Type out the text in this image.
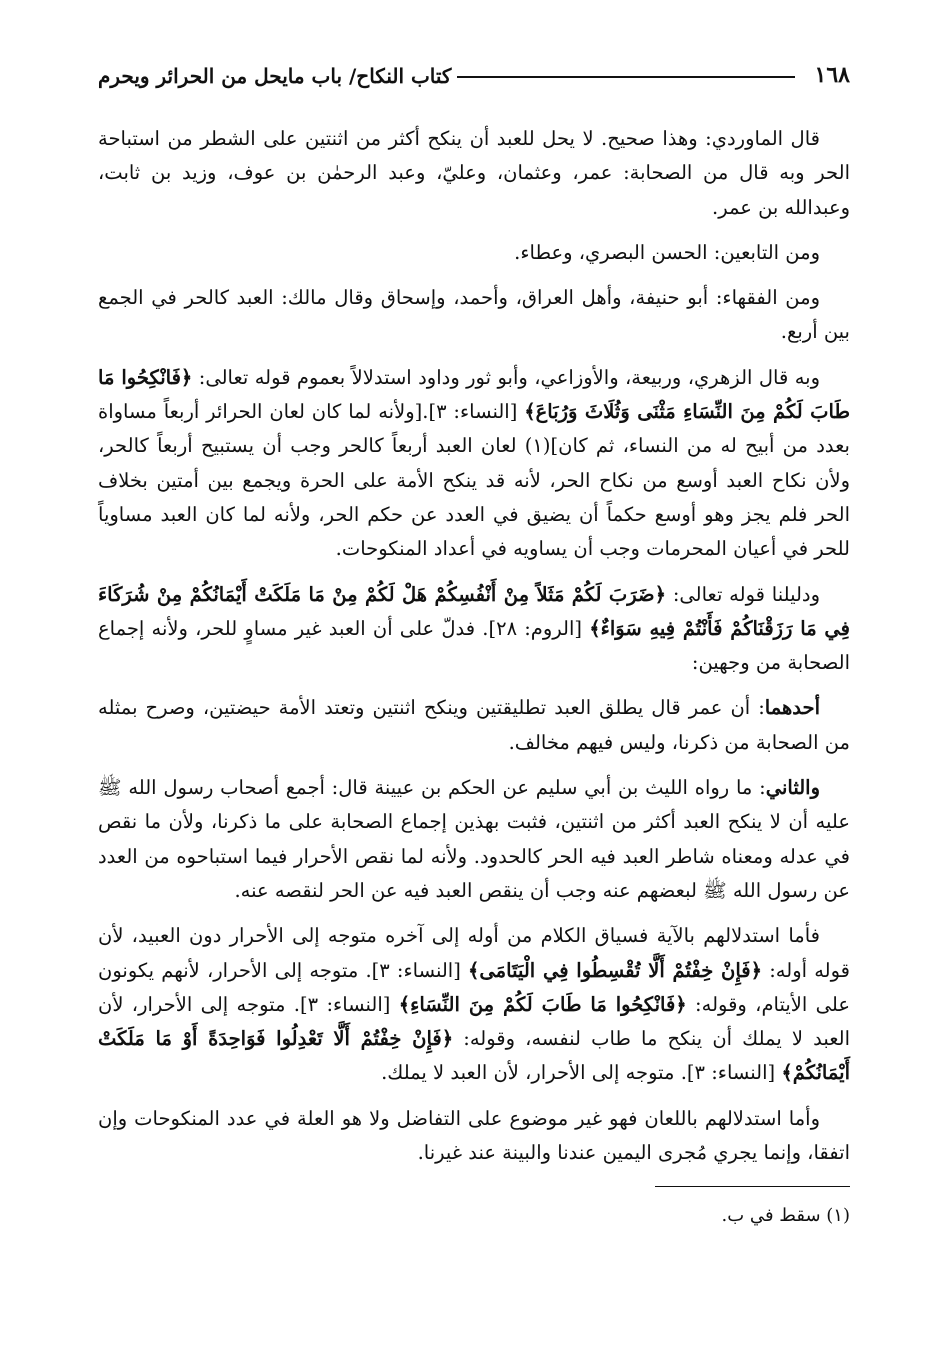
١٦٨
كتاب النكاح/ باب مايحل من الحرائر ويحرم

قال الماوردي: وهذا صحيح. لا يحل للعبد أن ينكح أكثر من اثنتين على الشطر من استباحة الحر وبه قال من الصحابة: عمر، وعثمان، وعليّ، وعبد الرحمٰن بن عوف، وزيد بن ثابت، وعبدالله بن عمر.

ومن التابعين: الحسن البصري، وعطاء.

ومن الفقهاء: أبو حنيفة، وأهل العراق، وأحمد، وإسحاق وقال مالك: العبد كالحر في الجمع بين أربع.

وبه قال الزهري، وربيعة، والأوزاعي، وأبو ثور وداود استدلالاً بعموم قوله تعالى: ﴿فَانْكِحُوا مَا طَابَ لَكُمْ مِنَ النِّسَاءِ مَثْنَى وَثُلَاثَ وَرُبَاعَ﴾ [النساء: ٣].[ولأنه لما كان لعان الحرائر أربعاً مساواة بعدد من أبيح له من النساء، ثم كان](١) لعان العبد أربعاً كالحر وجب أن يستبيح أربعاً كالحر، ولأن نكاح العبد أوسع من نكاح الحر، لأنه قد ينكح الأمة على الحرة ويجمع بين أمتين بخلاف الحر فلم يجز وهو أوسع حكماً أن يضيق في العدد عن حكم الحر، ولأنه لما كان العبد مساوياً للحر في أعيان المحرمات وجب أن يساويه في أعداد المنكوحات.

ودليلنا قوله تعالى: ﴿ضَرَبَ لَكُمْ مَثَلاً مِنْ أَنْفُسِكُمْ هَلْ لَكُمْ مِنْ مَا مَلَكَتْ أَيْمَانُكُمْ مِنْ شُرَكَاءَ فِي مَا رَزَقْنَاكُمْ فَأَنْتُمْ فِيهِ سَوَاءٌ﴾ [الروم: ٢٨]. فدلّ على أن العبد غير مساوٍ للحر، ولأنه إجماع الصحابة من وجهين:

أحدهما: أن عمر قال يطلق العبد تطليقتين وينكح اثنتين وتعتد الأمة حيضتين، وصرح بمثله من الصحابة من ذكرنا، وليس فيهم مخالف.

والثاني: ما رواه الليث بن أبي سليم عن الحكم بن عيينة قال: أجمع أصحاب رسول الله ﷺ عليه أن لا ينكح العبد أكثر من اثنتين، فثبت بهذين إجماع الصحابة على ما ذكرنا، ولأن ما نقص في عدله ومعناه شاطر العبد فيه الحر كالحدود. ولأنه لما نقص الأحرار فيما استباحوه من العدد عن رسول الله ﷺ لبعضهم عنه وجب أن ينقص العبد فيه عن الحر لنقصه عنه.

فأما استدلالهم بالآية فسياق الكلام من أوله إلى آخره متوجه إلى الأحرار دون العبيد، لأن قوله أوله: ﴿فَإِنْ خِفْتُمْ أَلَّا تُقْسِطُوا فِي الْيَتَامَى﴾ [النساء: ٣]. متوجه إلى الأحرار، لأنهم يكونون على الأيتام، وقوله: ﴿فَانْكِحُوا مَا طَابَ لَكُمْ مِنَ النِّسَاءِ﴾ [النساء: ٣]. متوجه إلى الأحرار، لأن العبد لا يملك أن ينكح ما طاب لنفسه، وقوله: ﴿فَإِنْ خِفْتُمْ أَلَّا تَعْدِلُوا فَوَاحِدَةً أَوْ مَا مَلَكَتْ أَيْمَانُكُمْ﴾ [النساء: ٣]. متوجه إلى الأحرار، لأن العبد لا يملك.

وأما استدلالهم باللعان فهو غير موضوع على التفاضل ولا هو العلة في عدد المنكوحات وإن اتفقا، وإنما يجري مُجرى اليمين عندنا والبينة عند غيرنا.

(١) سقط في ب.
